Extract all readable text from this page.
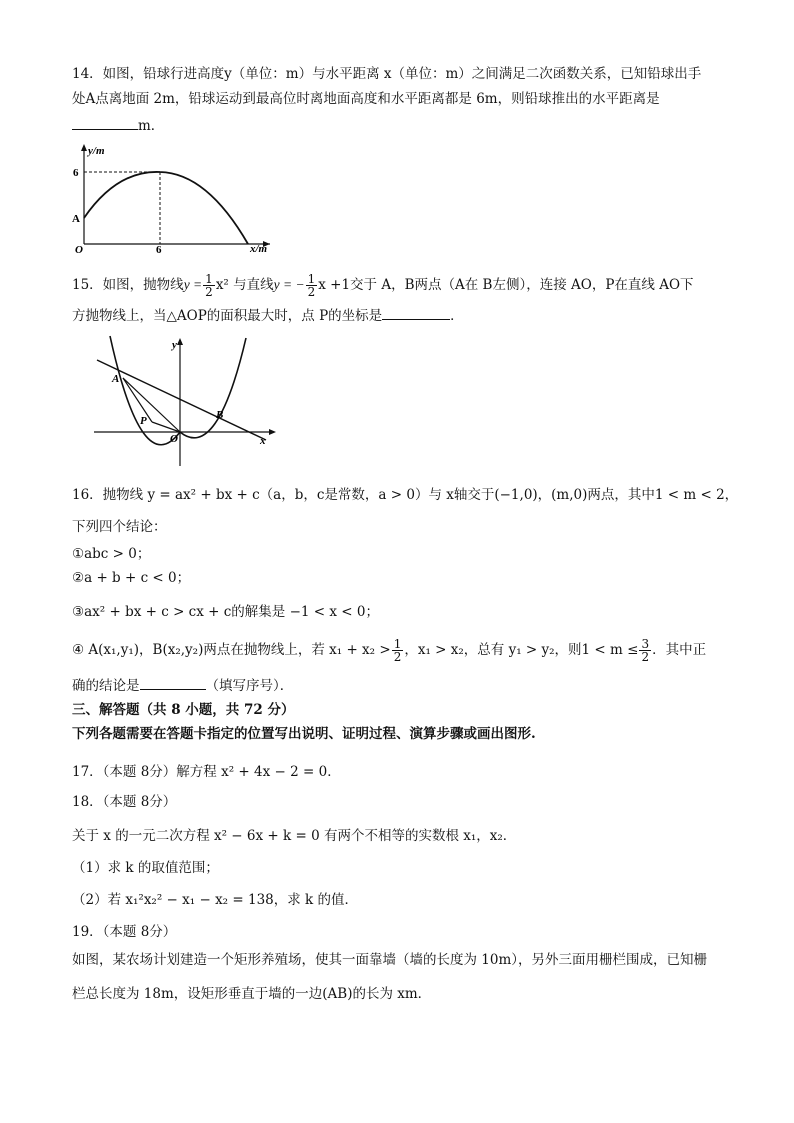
14．如图，铅球行进高度y（单位：m）与水平距离 x（单位：m）之间满足二次函数关系，已知铅球出手
处A点离地面 2m，铅球运动到最高位时离地面高度和水平距离都是 6m，则铅球推出的水平距离是
m．
y/m
x/m
6
6
A
O
15．如图，抛物线$y = \frac{1}{2} x^2$ 与直线y = − $\frac{1}{2}$ x +1交于 A，B两点（A在 B左侧），连接 AO，P在直线 AO下
方抛物线上，当△AOP的面积最大时，点 P的坐标是	．
y
x
A
B
P
O
16．抛物线 y = ax² + bx + c（a，b，c是常数，a > 0）与 x轴交于(−1,0)，(m,0)两点，其中1 < m < 2，
下列四个结论：
①abc > 0；
②a + b + c < 0；
③ax² + bx + c > cx + c的解集是 −1 < x < 0；
④ A(x₁,y₁)，B(x₂,y₂)两点在抛物线上，若 $x_1 + x_2 > \frac{1}{2}$ ，x₁ > x₂，总有 y₁ > y₂，则$1 < m \le \frac{3}{2}$ ．其中正
确的结论是	（填写序号）．
三、解答题（共 8 小题，共 72 分）
下列各题需要在答题卡指定的位置写出说明、证明过程、演算步骤或画出图形.
17．（本题 8分）解方程 x² + 4x − 2 = 0．
18．（本题 8分）
关于 x 的一元二次方程 x² − 6x + k = 0 有两个不相等的实数根 x₁，x₂．
（1）求 k 的取值范围；
（2）若 x₁²x₂² − x₁ − x₂ = 138，求 k 的值．
19．（本题 8分）
如图，某农场计划建造一个矩形养殖场，使其一面靠墙（墙的长度为 10m），另外三面用栅栏围成，已知栅
栏总长度为 18m，设矩形垂直于墙的一边(AB)的长为 xm．
